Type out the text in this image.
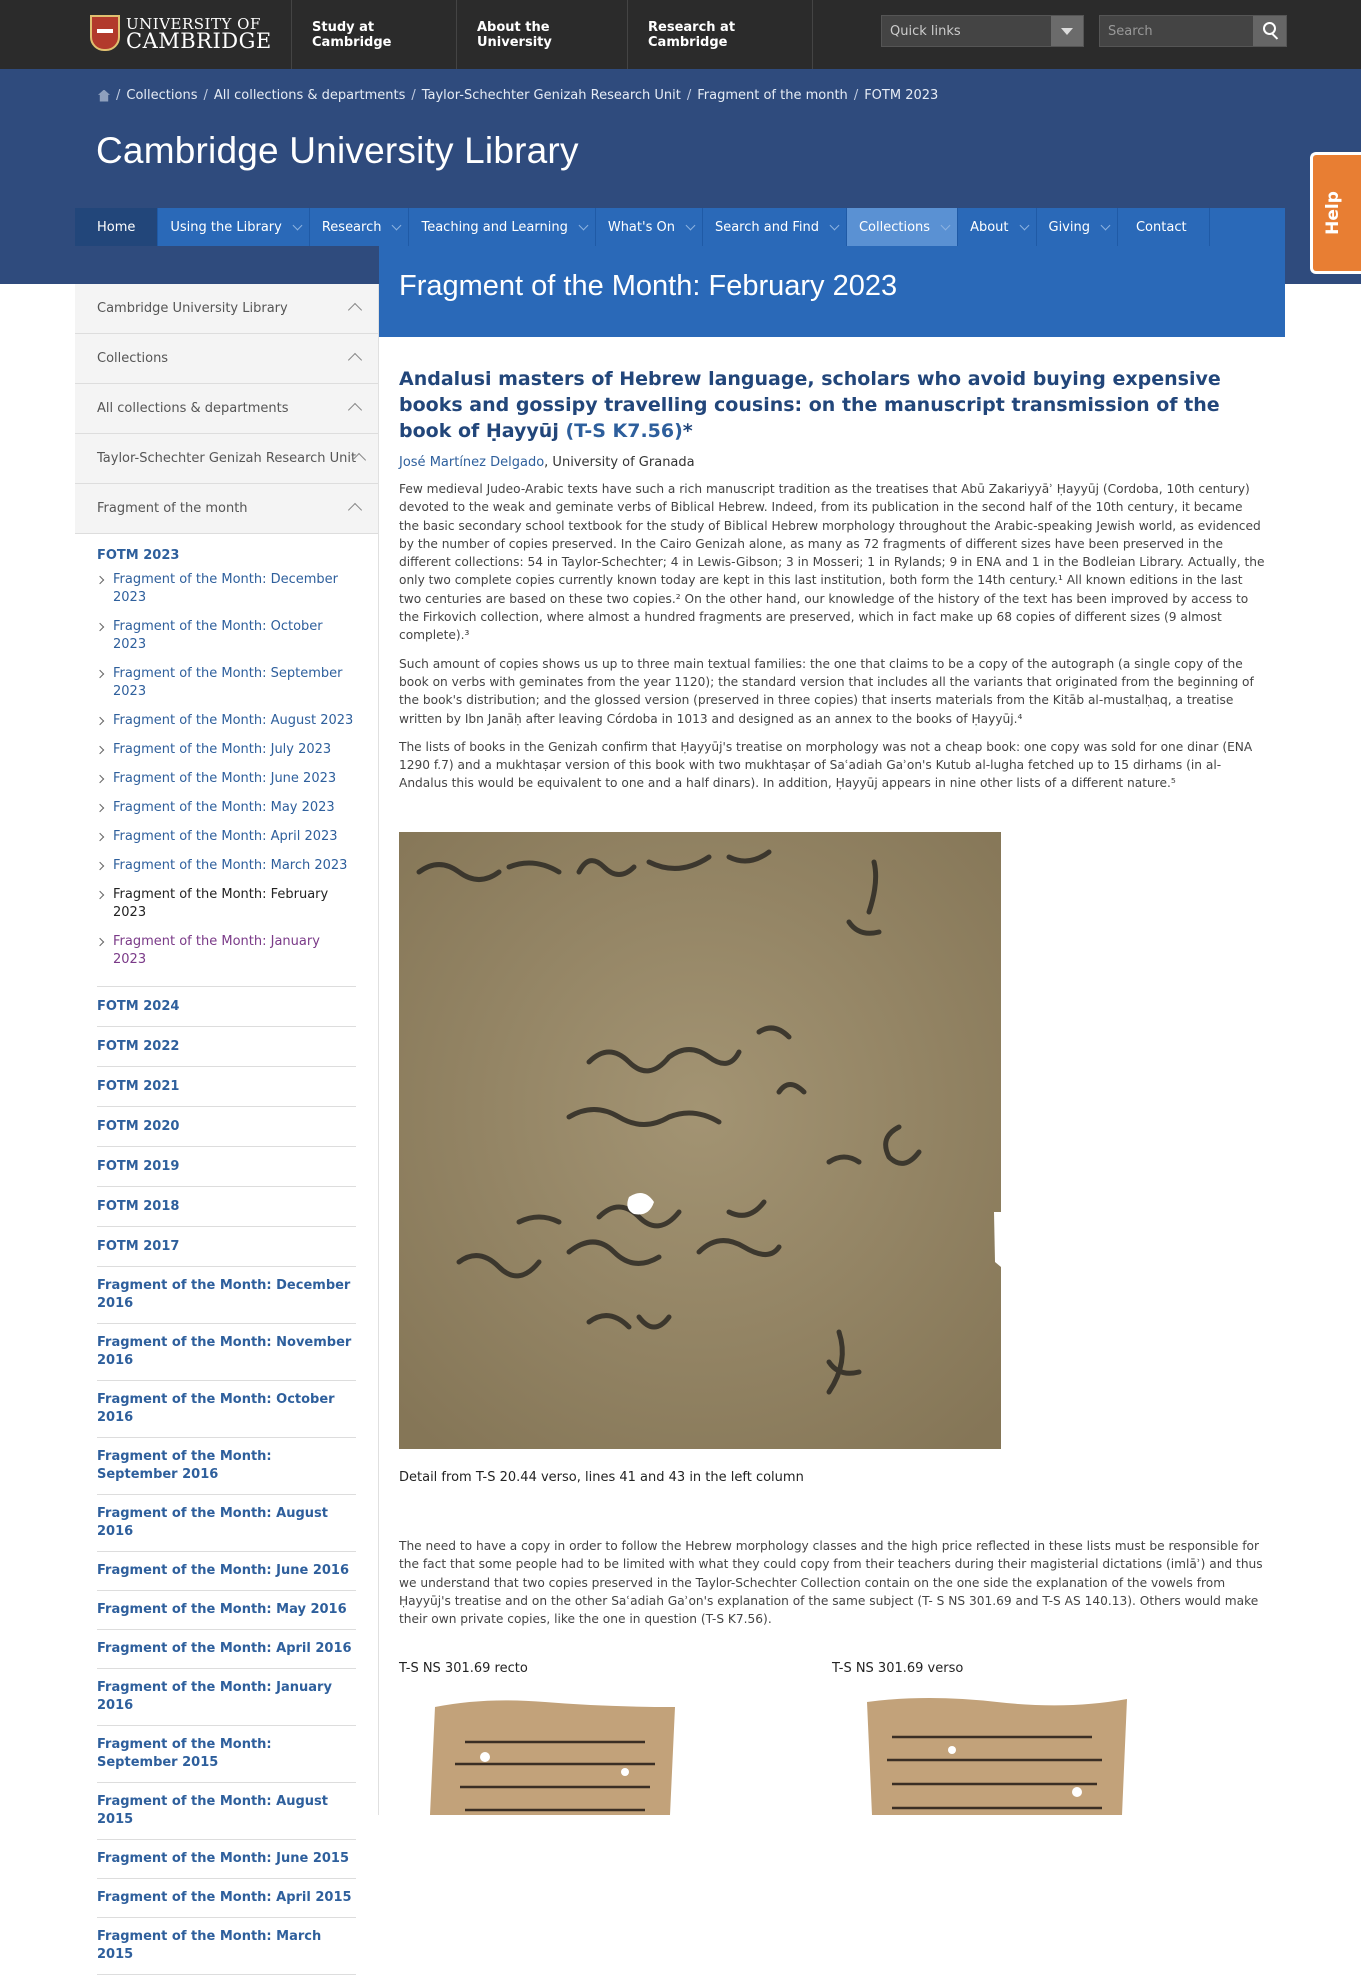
UNIVERSITY OF
CAMBRIDGE
Study at Cambridge
About the University
Research at Cambridge
Quick links
Search
/ Collections / All collections & departments / Taylor-Schechter Genizah Research Unit / Fragment of the month / FOTM 2023
Cambridge University Library
Home	Using the Library	Research	Teaching and Learning	What's On	Search and Find	Collections	About	Giving	Contact	Help
Cambridge University Library
Collections
All collections & departments
Taylor-Schechter Genizah Research Unit
Fragment of the month
FOTM 2023
Fragment of the Month: December 2023
Fragment of the Month: October 2023
Fragment of the Month: September 2023
Fragment of the Month: August 2023
Fragment of the Month: July 2023
Fragment of the Month: June 2023
Fragment of the Month: May 2023
Fragment of the Month: April 2023
Fragment of the Month: March 2023
Fragment of the Month: February 2023
Fragment of the Month: January 2023
FOTM 2024
FOTM 2022
FOTM 2021
FOTM 2020
FOTM 2019
FOTM 2018
FOTM 2017
Fragment of the Month: December 2016
Fragment of the Month: November 2016
Fragment of the Month: October 2016
Fragment of the Month: September 2016
Fragment of the Month: August 2016
Fragment of the Month: June 2016
Fragment of the Month: May 2016
Fragment of the Month: April 2016
Fragment of the Month: January 2016
Fragment of the Month: September 2015
Fragment of the Month: August 2015
Fragment of the Month: June 2015
Fragment of the Month: April 2015
Fragment of the Month: March 2015
Fragment of the Month: February 2023
Andalusi masters of Hebrew language, scholars who avoid buying expensive books and gossipy travelling cousins: on the manuscript transmission of the book of Ḥayyūj (T-S K7.56)*
José Martínez Delgado, University of Granada

Few medieval Judeo-Arabic texts have such a rich manuscript tradition as the treatises that Abū Zakariyyāʾ Ḥayyūj (Cordoba, 10th century) devoted to the weak and geminate verbs of Biblical Hebrew. Indeed, from its publication in the second half of the 10th century, it became the basic secondary school textbook for the study of Biblical Hebrew morphology throughout the Arabic-speaking Jewish world, as evidenced by the number of copies preserved. In the Cairo Genizah alone, as many as 72 fragments of different sizes have been preserved in the different collections: 54 in Taylor-Schechter; 4 in Lewis-Gibson; 3 in Mosseri; 1 in Rylands; 9 in ENA and 1 in the Bodleian Library. Actually, the only two complete copies currently known today are kept in this last institution, both form the 14th century.¹ All known editions in the last two centuries are based on these two copies.² On the other hand, our knowledge of the history of the text has been improved by access to the Firkovich collection, where almost a hundred fragments are preserved, which in fact make up 68 copies of different sizes (9 almost complete).³

Such amount of copies shows us up to three main textual families: the one that claims to be a copy of the autograph (a single copy of the book on verbs with geminates from the year 1120); the standard version that includes all the variants that originated from the beginning of the book's distribution; and the glossed version (preserved in three copies) that inserts materials from the Kitāb al-mustalḥaq, a treatise written by Ibn Janāḥ after leaving Córdoba in 1013 and designed as an annex to the books of Ḥayyūj.⁴

The lists of books in the Genizah confirm that Ḥayyūj's treatise on morphology was not a cheap book: one copy was sold for one dinar (ENA 1290 f.7) and a mukhtaṣar version of this book with two mukhtaṣar of Saʿadiah Gaʾon's Kutub al-lugha fetched up to 15 dirhams (in al-Andalus this would be equivalent to one and a half dinars). In addition, Ḥayyūj appears in nine other lists of a different nature.⁵

Detail from T-S 20.44 verso, lines 41 and 43 in the left column

The need to have a copy in order to follow the Hebrew morphology classes and the high price reflected in these lists must be responsible for the fact that some people had to be limited with what they could copy from their teachers during their magisterial dictations (imlāʾ) and thus we understand that two copies preserved in the Taylor-Schechter Collection contain on the one side the explanation of the vowels from Ḥayyūj's treatise and on the other Saʿadiah Gaʾon's explanation of the same subject (T- S NS 301.69 and T-S AS 140.13). Others would make their own private copies, like the one in question (T-S K7.56).

T-S NS 301.69 recto	T-S NS 301.69 verso
